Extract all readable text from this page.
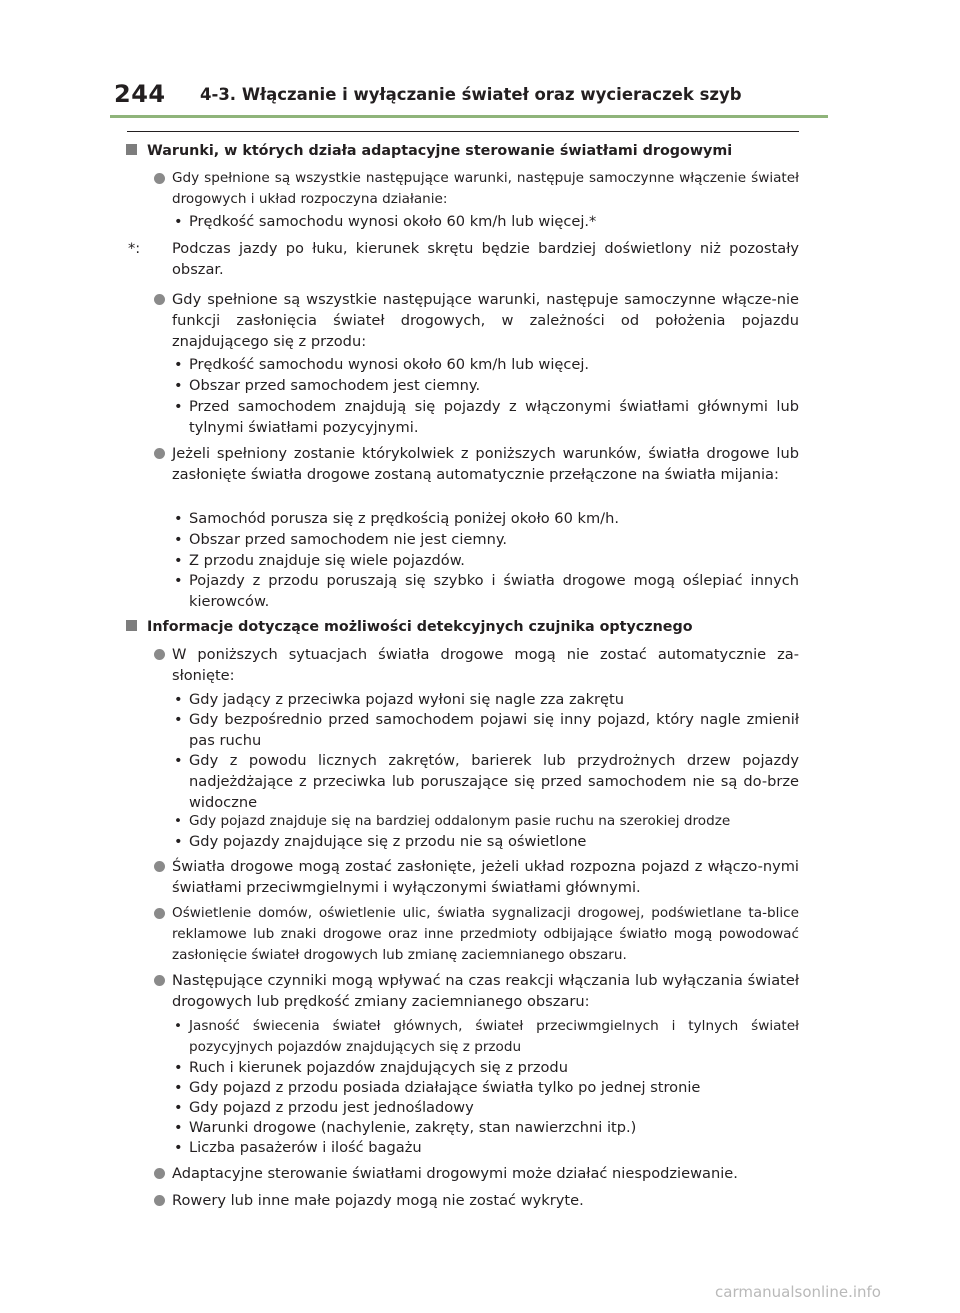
244 4-3. Włączanie i wyłączanie świateł oraz wycieraczek szyb
Warunki, w których działa adaptacyjne sterowanie światłami drogowymi
Gdy spełnione są wszystkie następujące warunki, następuje samoczynne włączenie świateł drogowych i układ rozpoczyna działanie:
• Prędkość samochodu wynosi około 60 km/h lub więcej.*
*: Podczas jazdy po łuku, kierunek skrętu będzie bardziej doświetlony niż pozostały obszar.
Gdy spełnione są wszystkie następujące warunki, następuje samoczynne włącze-nie funkcji zasłonięcia świateł drogowych, w zależności od położenia pojazdu znajdującego się z przodu:
• Prędkość samochodu wynosi około 60 km/h lub więcej.
• Obszar przed samochodem jest ciemny.
• Przed samochodem znajdują się pojazdy z włączonymi światłami głównymi lub tylnymi światłami pozycyjnymi.
Jeżeli spełniony zostanie którykolwiek z poniższych warunków, światła drogowe lub zasłonięte światła drogowe zostaną automatycznie przełączone na światła mijania:
• Samochód porusza się z prędkością poniżej około 60 km/h.
• Obszar przed samochodem nie jest ciemny.
• Z przodu znajduje się wiele pojazdów.
• Pojazdy z przodu poruszają się szybko i światła drogowe mogą oślepiać innych kierowców.
Informacje dotyczące możliwości detekcyjnych czujnika optycznego
W poniższych sytuacjach światła drogowe mogą nie zostać automatycznie za-słonięte:
• Gdy jadący z przeciwka pojazd wyłoni się nagle zza zakrętu
• Gdy bezpośrednio przed samochodem pojawi się inny pojazd, który nagle zmienił pas ruchu
• Gdy z powodu licznych zakrętów, barierek lub przydrożnych drzew pojazdy nadjeżdżające z przeciwka lub poruszające się przed samochodem nie są do-brze widoczne
• Gdy pojazd znajduje się na bardziej oddalonym pasie ruchu na szerokiej drodze
• Gdy pojazdy znajdujące się z przodu nie są oświetlone
Światła drogowe mogą zostać zasłonięte, jeżeli układ rozpozna pojazd z włączo-nymi światłami przeciwmgielnymi i wyłączonymi światłami głównymi.
Oświetlenie domów, oświetlenie ulic, światła sygnalizacji drogowej, podświetlane ta-blice reklamowe lub znaki drogowe oraz inne przedmioty odbijające światło mogą powodować zasłonięcie świateł drogowych lub zmianę zaciemnianego obszaru.
Następujące czynniki mogą wpływać na czas reakcji włączania lub wyłączania świateł drogowych lub prędkość zmiany zaciemnianego obszaru:
• Jasność świecenia świateł głównych, świateł przeciwmgielnych i tylnych świateł pozycyjnych pojazdów znajdujących się z przodu
• Ruch i kierunek pojazdów znajdujących się z przodu
• Gdy pojazd z przodu posiada działające światła tylko po jednej stronie
• Gdy pojazd z przodu jest jednośladowy
• Warunki drogowe (nachylenie, zakręty, stan nawierzchni itp.)
• Liczba pasażerów i ilość bagażu
Adaptacyjne sterowanie światłami drogowymi może działać niespodziewanie.
Rowery lub inne małe pojazdy mogą nie zostać wykryte.
carmanualsonline.info
